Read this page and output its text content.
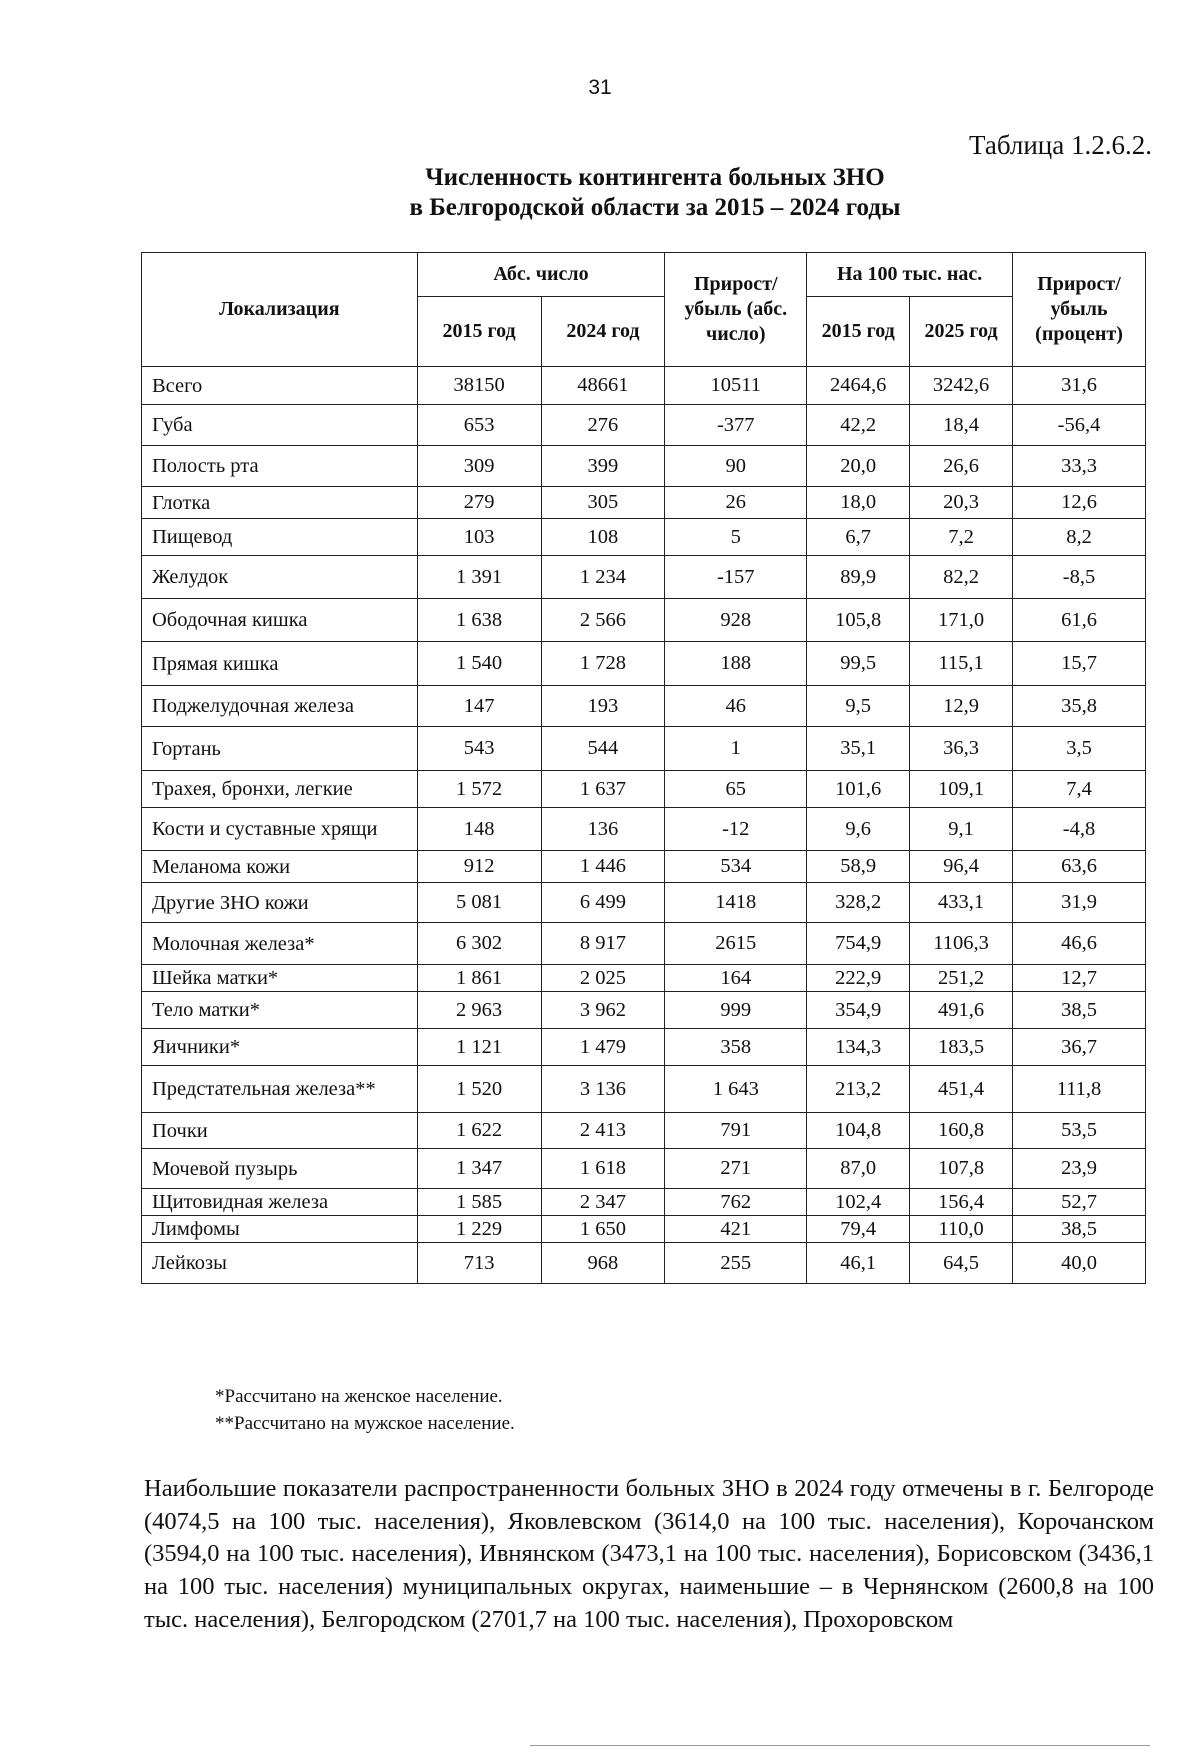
31
Таблица 1.2.6.2.
Численность контингента больных ЗНО
в Белгородской области за 2015 – 2024 годы
Локализация	Абс. число		Прирост/ убыль (абс. число)	На 100 тыс. нас.		Прирост/ убыль (процент)
	2015 год	2024 год		2015 год	2025 год	
Всего	38150	48661	10511	2464,6	3242,6	31,6
Губа	653	276	-377	42,2	18,4	-56,4
Полость рта	309	399	90	20,0	26,6	33,3
Глотка	279	305	26	18,0	20,3	12,6
Пищевод	103	108	5	6,7	7,2	8,2
Желудок	1 391	1 234	-157	89,9	82,2	-8,5
Ободочная кишка	1 638	2 566	928	105,8	171,0	61,6
Прямая кишка	1 540	1 728	188	99,5	115,1	15,7
Поджелудочная железа	147	193	46	9,5	12,9	35,8
Гортань	543	544	1	35,1	36,3	3,5
Трахея, бронхи, легкие	1 572	1 637	65	101,6	109,1	7,4
Кости и суставные хрящи	148	136	-12	9,6	9,1	-4,8
Меланома кожи	912	1 446	534	58,9	96,4	63,6
Другие ЗНО кожи	5 081	6 499	1418	328,2	433,1	31,9
Молочная железа*	6 302	8 917	2615	754,9	1106,3	46,6
Шейка матки*	1 861	2 025	164	222,9	251,2	12,7
Тело матки*	2 963	3 962	999	354,9	491,6	38,5
Яичники*	1 121	1 479	358	134,3	183,5	36,7
Предстательная железа**	1 520	3 136	1 643	213,2	451,4	111,8
Почки	1 622	2 413	791	104,8	160,8	53,5
Мочевой пузырь	1 347	1 618	271	87,0	107,8	23,9
Щитовидная железа	1 585	2 347	762	102,4	156,4	52,7
Лимфомы	1 229	1 650	421	79,4	110,0	38,5
Лейкозы	713	968	255	46,1	64,5	40,0
*Рассчитано на женское население.
**Рассчитано на мужское население.
Наибольшие показатели распространенности больных ЗНО в 2024 году отмечены в г. Белгороде (4074,5 на 100 тыс. населения), Яковлевском (3614,0 на 100 тыс. населения), Корочанском (3594,0 на 100 тыс. населения), Ивнянском (3473,1 на 100 тыс. населения), Борисовском (3436,1 на 100 тыс. населения) муниципальных округах, наименьшие – в Чернянском (2600,8 на 100 тыс. населения), Белгородском (2701,7 на 100 тыс. населения), Прохоровском
